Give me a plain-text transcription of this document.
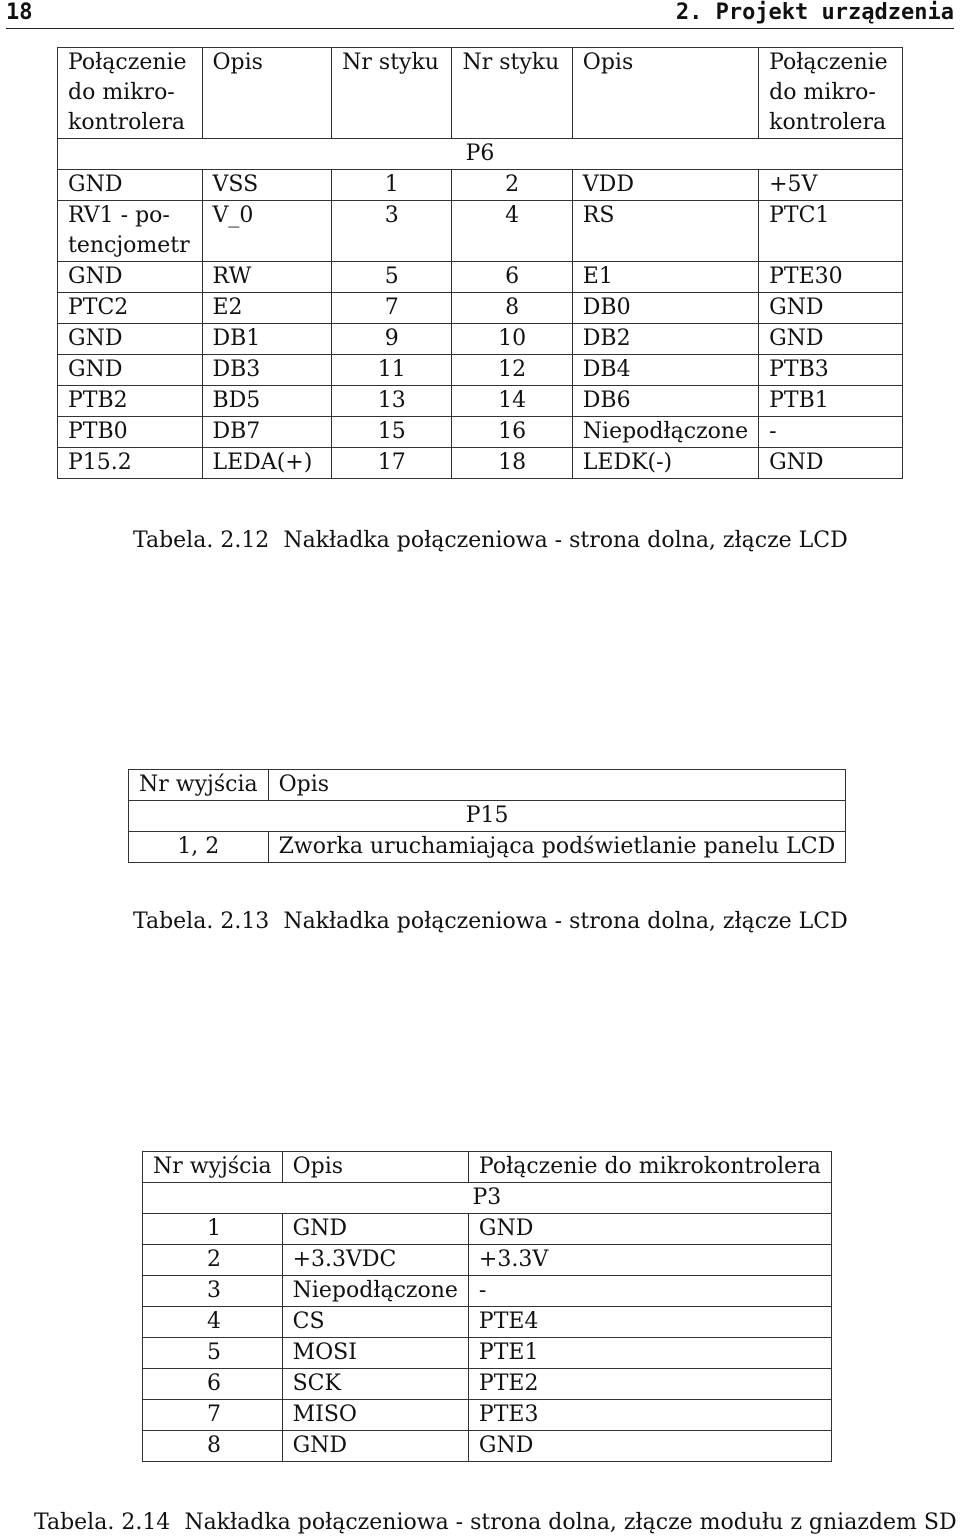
18	2. Projekt urządzenia
Połączenie do mikro-kontrolera	Opis	Nr styku	Nr styku	Opis	Połączenie do mikro-kontrolera
P6					
GND	VSS	1	2	VDD	+5V
RV1 - po-tencjometr	V_0	3	4	RS	PTC1
GND	RW	5	6	E1	PTE30
PTC2	E2	7	8	DB0	GND
GND	DB1	9	10	DB2	GND
GND	DB3	11	12	DB4	PTB3
PTB2	BD5	13	14	DB6	PTB1
PTB0	DB7	15	16	Niepodłączone	-
P15.2	LEDA(+)	17	18	LEDK(-)	GND
Tabela. 2.12 Nakładka połączeniowa - strona dolna, złącze LCD
Nr wyjścia	Opis
P15	
1, 2	Zworka uruchamiająca podświetlanie panelu LCD
Tabela. 2.13 Nakładka połączeniowa - strona dolna, złącze LCD
Nr wyjścia	Opis	Połączenie do mikrokontrolera
P3		
1	GND	GND
2	+3.3VDC	+3.3V
3	Niepodłączone	-
4	CS	PTE4
5	MOSI	PTE1
6	SCK	PTE2
7	MISO	PTE3
8	GND	GND
Tabela. 2.14 Nakładka połączeniowa - strona dolna, złącze modułu z gniazdem SD
